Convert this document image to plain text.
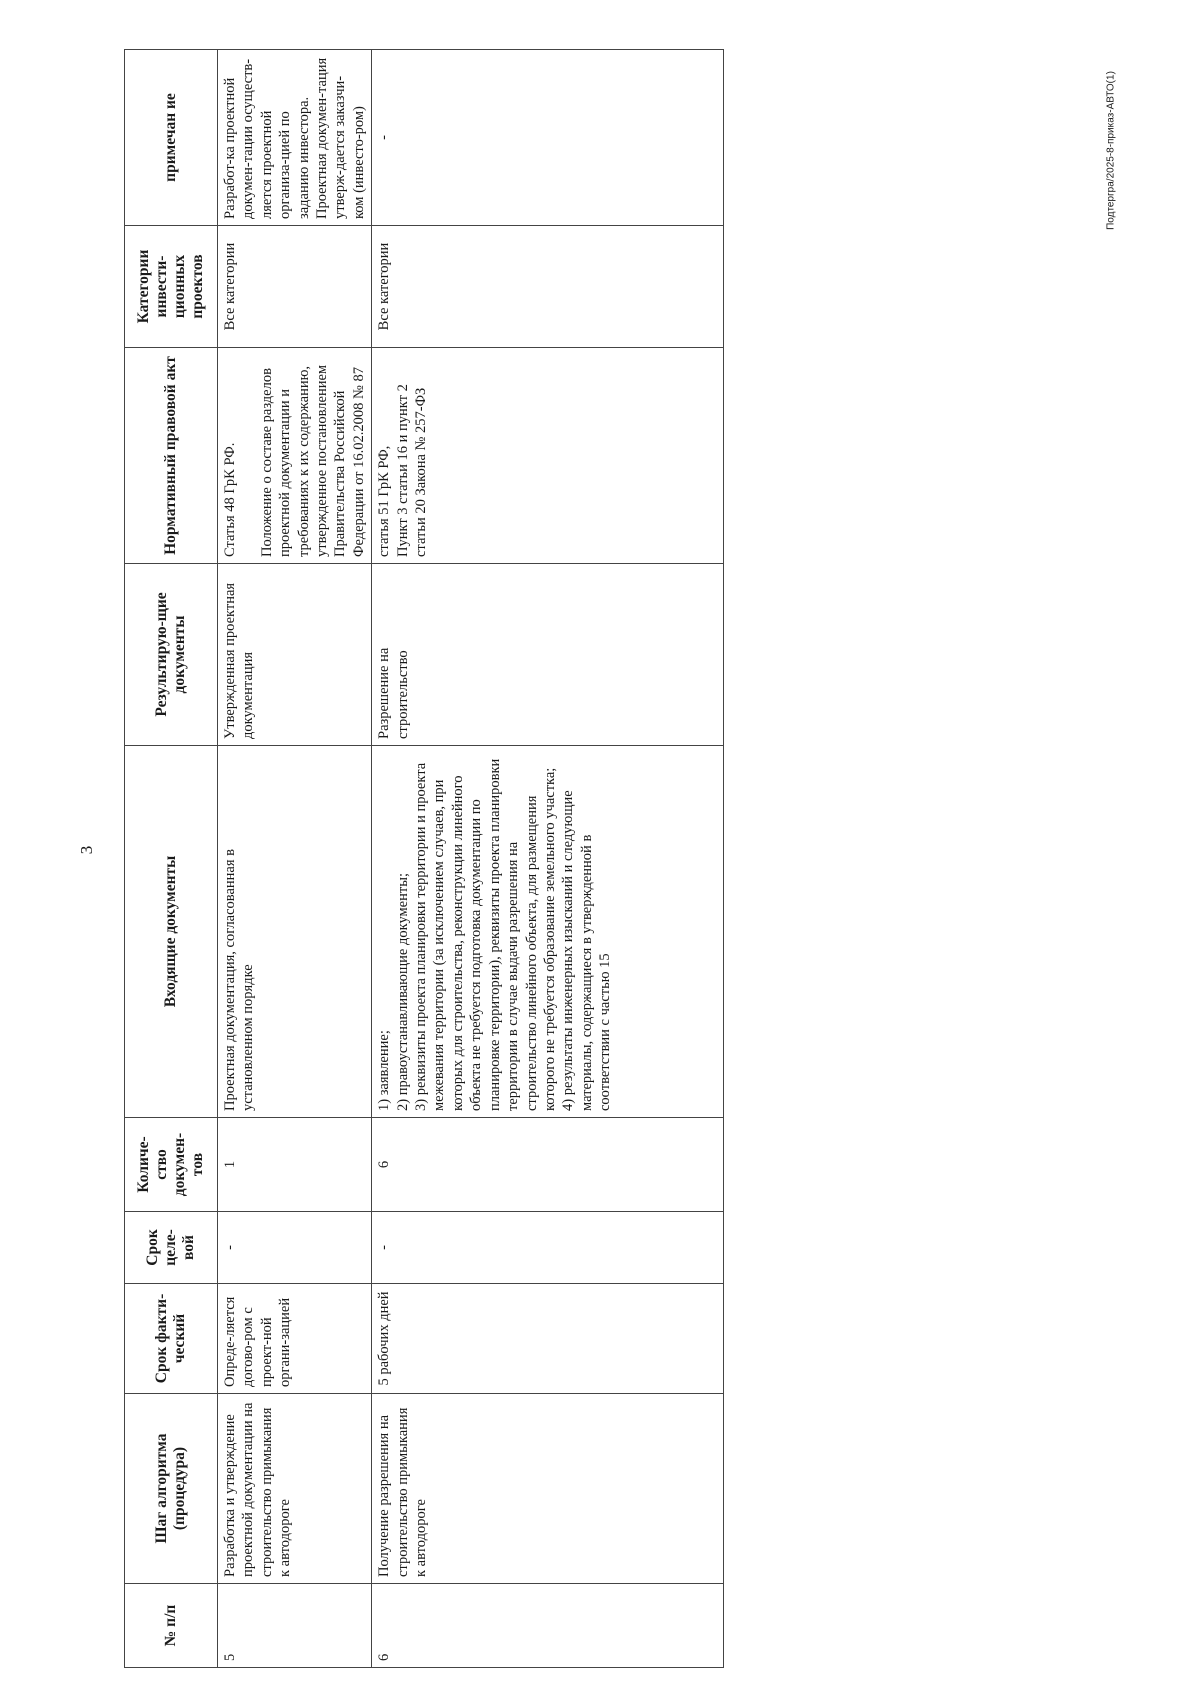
3
Подтергра/2025-8-приказ-АВТО(1)
№ п/п	Шаг алгоритма (процедура)	Срок факти-ческий	Срок целе-вой	Количе-ство докумен-тов	Входящие документы	Результирую-щие документы	Нормативный правовой акт	Категории инвести-ционных проектов	примечан ие
5	Разработка и утверждение проектной документации на строительство примыкания к автодороге	Опреде-ляется догово-ром с проект-ной органи-зацией	-	1	Проектная документация, согласованная в установленном порядке	Утвержденная проектная документация	Статья 48 ГрК РФ.

Положение о составе разделов проектной документации и требованиях к их содержанию, утвержденное постановлением Правительства Российской Федерации от 16.02.2008 № 87	Все категории	Разработ-ка проектной докумен-тации осуществ-ляется проектной организа-цией по заданию инвестора. Проектная докумен-тация утверж-дается заказчи-ком (инвесто-ром)
6	Получение разрешения на строительство примыкания к автодороге	5 рабочих дней	-	6	1) заявление;
2) правоустанавливающие документы;
3) реквизиты проекта планировки территории и проекта межевания территории (за исключением случаев, при которых для строительства, реконструкции линейного объекта не требуется подготовка документации по планировке территории), реквизиты проекта планировки территории в случае выдачи разрешения на строительство линейного объекта, для размещения которого не требуется образование земельного участка;
4) результаты инженерных изысканий и следующие материалы, содержащиеся в утвержденной в соответствии с частью 15	Разрешение на строительство	статья 51 ГрК РФ,
Пункт 3 статьи 16 и пункт 2 статьи 20 Закона № 257-ФЗ	Все категории	-
